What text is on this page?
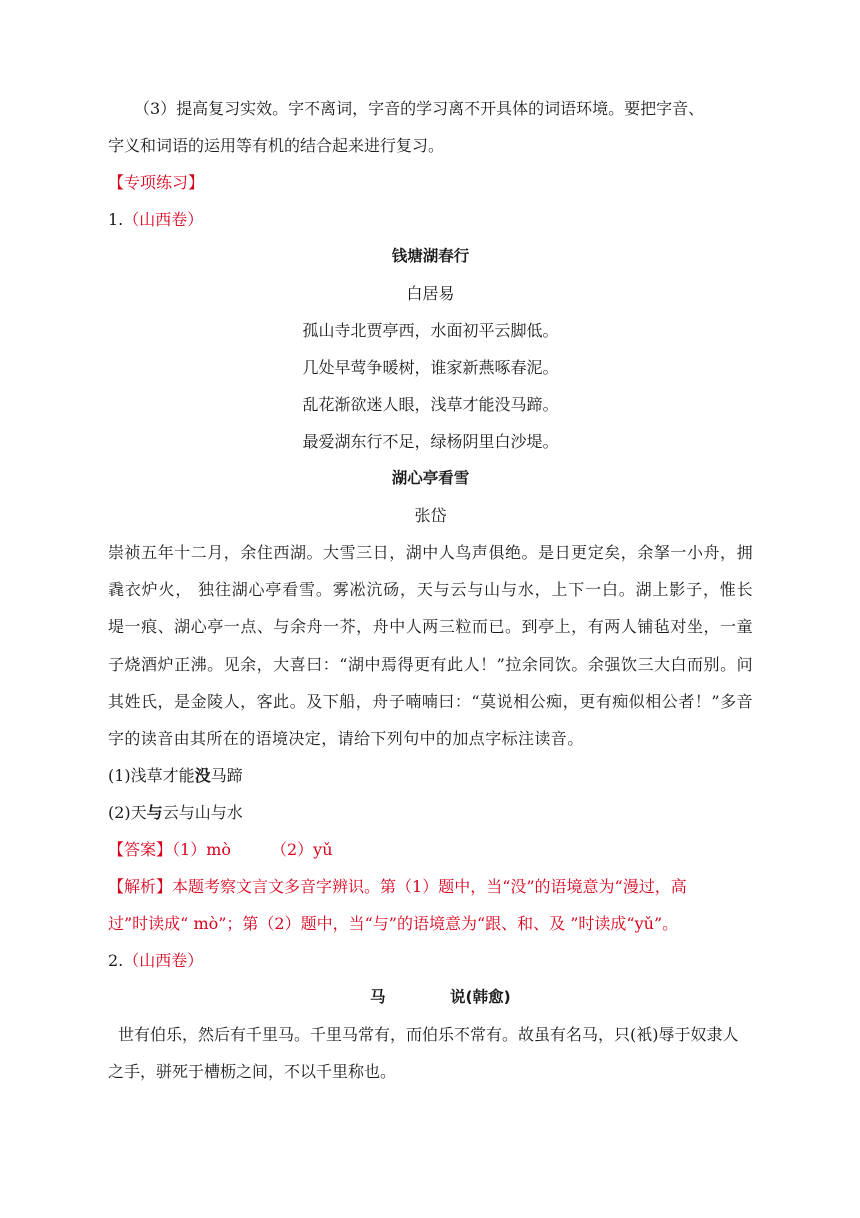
（3）提高复习实效。字不离词，字音的学习离不开具体的词语环境。要把字音、
字义和词语的运用等有机的结合起来进行复习。
【专项练习】
1.（山西卷）
钱塘湖春行
白居易
孤山寺北贾亭西，水面初平云脚低。
几处早莺争暖树，谁家新燕啄春泥。
乱花渐欲迷人眼，浅草才能没马蹄。
最爱湖东行不足，绿杨阴里白沙堤。
湖心亭看雪
张岱
崇祯五年十二月，余住西湖。大雪三日，湖中人鸟声俱绝。是日更定矣，余拏一小舟，拥毳衣炉火， 独往湖心亭看雪。雾凇沆砀，天与云与山与水，上下一白。湖上影子，惟长堤一痕、湖心亭一点、与余舟一芥，舟中人两三粒而已。到亭上，有两人铺毡对坐，一童子烧酒炉正沸。见余，大喜曰：“湖中焉得更有此人！”拉余同饮。余强饮三大白而别。问其姓氏，是金陵人，客此。及下船，舟子喃喃曰：“莫说相公痴，更有痴似相公者！”多音字的读音由其所在的语境决定，请给下列句中的加点字标注读音。
(1)浅草才能没马蹄
(2)天与云与山与水
【答案】（1）mò　　　（2）yǔ
【解析】本题考察文言文多音字辨识。第（1）题中，当“没”的语境意为“漫过，高
过”时读成“ mò”；第（2）题中，当“与”的语境意为“跟、和、及 ”时读成“yǔ”。
2.（山西卷）
马	说(韩愈)
世有伯乐，然后有千里马。千里马常有，而伯乐不常有。故虽有名马，只(衹)辱于奴隶人之手，骈死于槽枥之间，不以千里称也。
